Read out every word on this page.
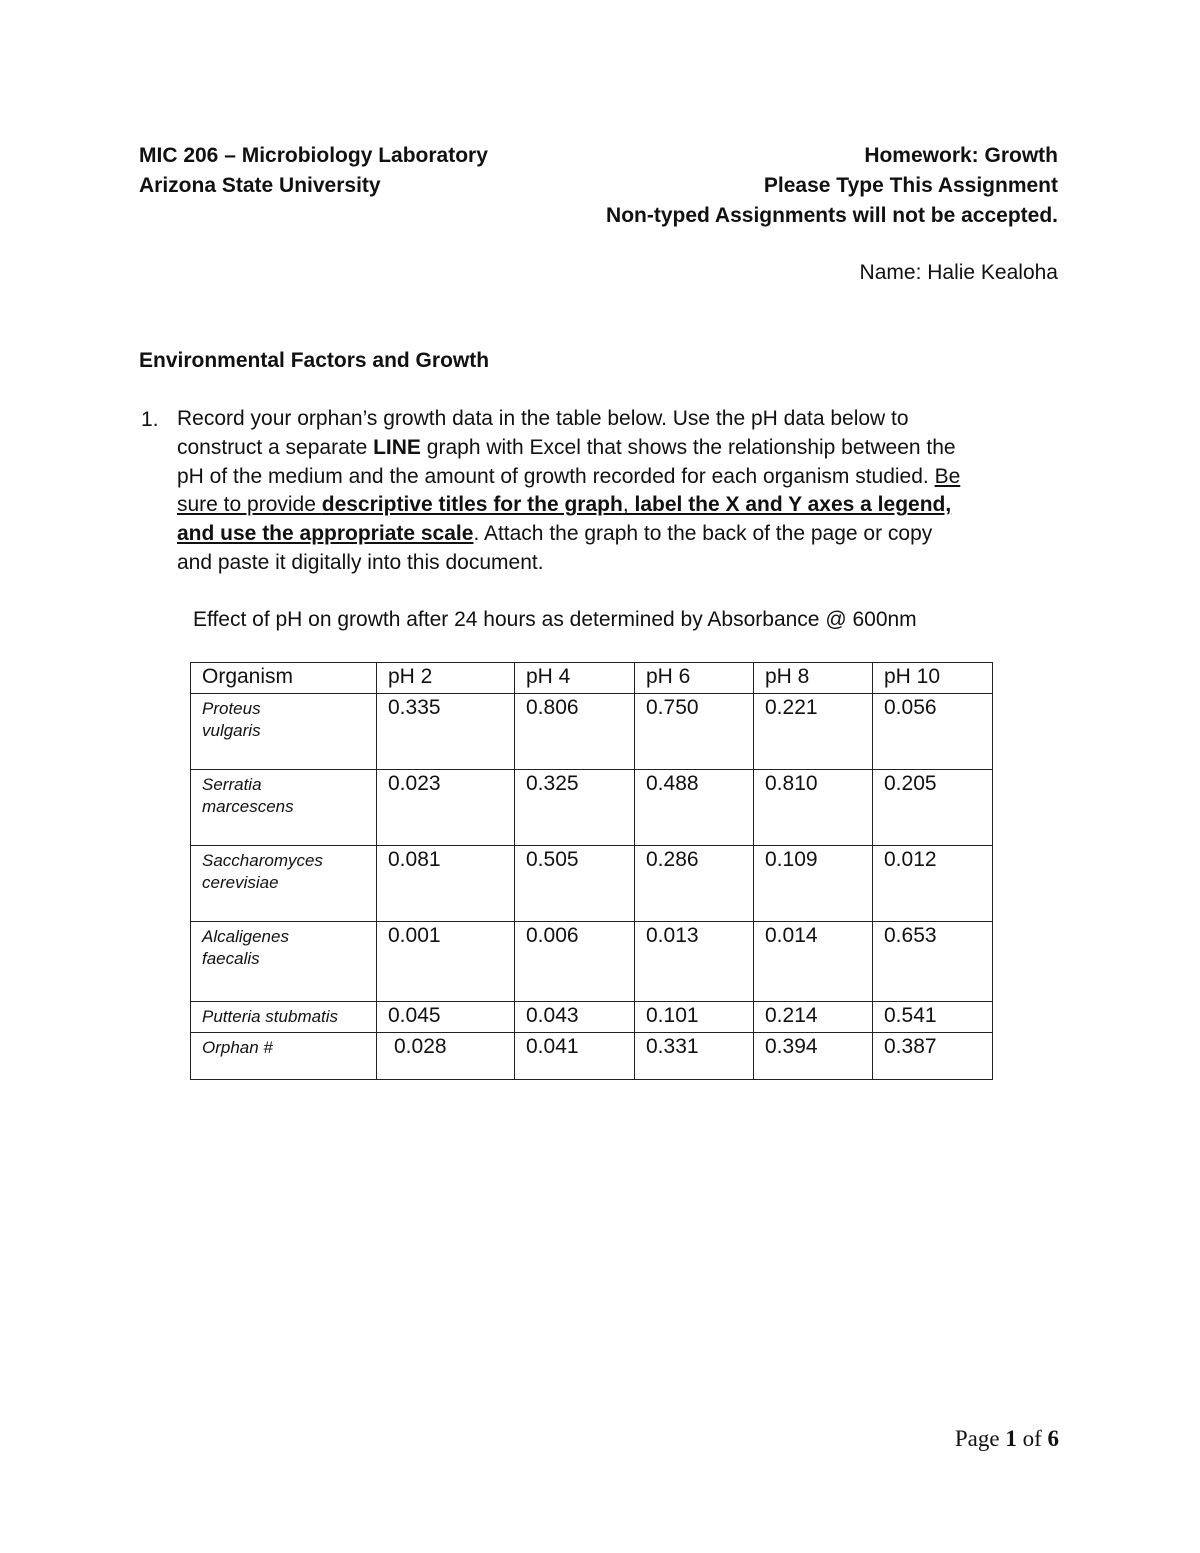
MIC 206 – Microbiology Laboratory
Arizona State University
Homework: Growth
Please Type This Assignment
Non-typed Assignments will not be accepted.
Name: Halie Kealoha
Environmental Factors and Growth
1. Record your orphan’s growth data in the table below. Use the pH data below to
construct a separate LINE graph with Excel that shows the relationship between the
pH of the medium and the amount of growth recorded for each organism studied. Be
sure to provide descriptive titles for the graph, label the X and Y axes a legend,
and use the appropriate scale. Attach the graph to the back of the page or copy
and paste it digitally into this document.
Effect of pH on growth after 24 hours as determined by Absorbance @ 600nm
Organism	pH 2	pH 4	pH 6	pH 8	pH 10
Proteus
vulgaris	0.335	0.806	0.750	0.221	0.056
Serratia
marcescens	0.023	0.325	0.488	0.810	0.205
Saccharomyces
cerevisiae	0.081	0.505	0.286	0.109	0.012
Alcaligenes
faecalis	0.001	0.006	0.013	0.014	0.653
Putteria stubmatis	0.045	0.043	0.101	0.214	0.541
Orphan #	0.028	0.041	0.331	0.394	0.387
Page 1 of 6
